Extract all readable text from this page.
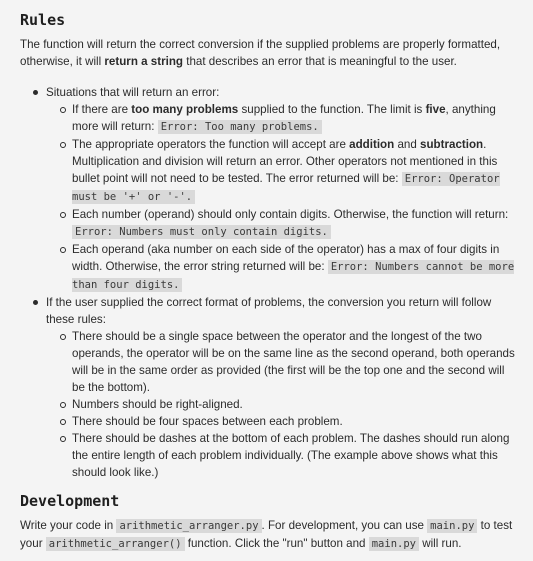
Rules

The function will return the correct conversion if the supplied problems are properly formatted, otherwise, it will return a string that describes an error that is meaningful to the user.

Situations that will return an error:
If there are too many problems supplied to the function. The limit is five, anything more will return: Error: Too many problems.
The appropriate operators the function will accept are addition and subtraction. Multiplication and division will return an error. Other operators not mentioned in this bullet point will not need to be tested. The error returned will be: Error: Operator must be '+' or '-'.
Each number (operand) should only contain digits. Otherwise, the function will return: Error: Numbers must only contain digits.
Each operand (aka number on each side of the operator) has a max of four digits in width. Otherwise, the error string returned will be: Error: Numbers cannot be more than four digits.
If the user supplied the correct format of problems, the conversion you return will follow these rules:
There should be a single space between the operator and the longest of the two operands, the operator will be on the same line as the second operand, both operands will be in the same order as provided (the first will be the top one and the second will be the bottom).
Numbers should be right-aligned.
There should be four spaces between each problem.
There should be dashes at the bottom of each problem. The dashes should run along the entire length of each problem individually. (The example above shows what this should look like.)
Development

Write your code in arithmetic_arranger.py . For development, you can use main.py to test your arithmetic_arranger() function. Click the "run" button and main.py will run.
